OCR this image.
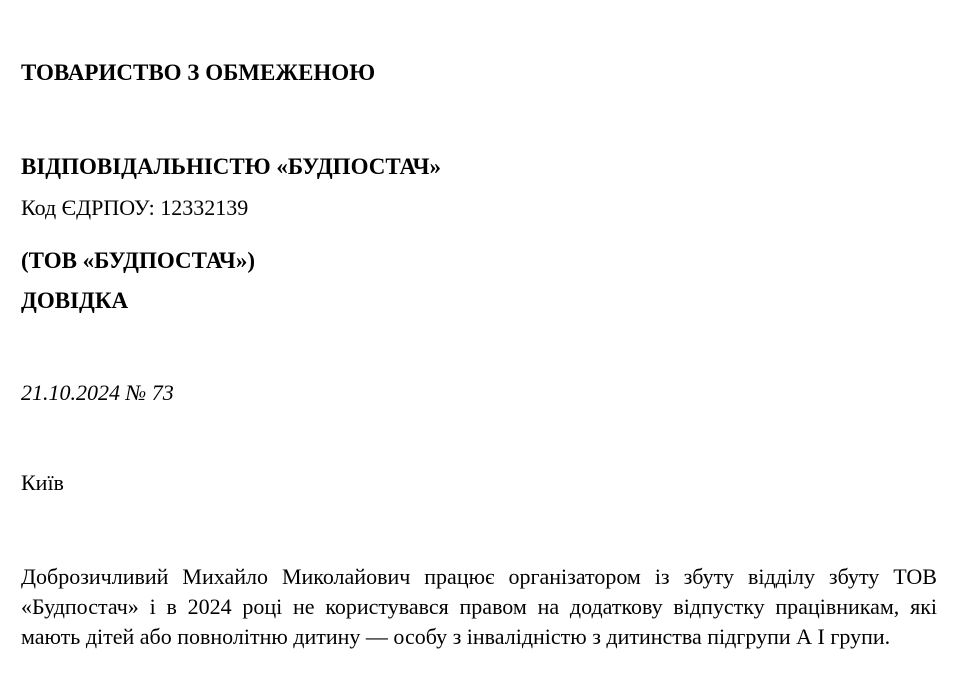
ТОВАРИСТВО З ОБМЕЖЕНОЮ

ВІДПОВІДАЛЬНІСТЮ «БУДПОСТАЧ»

(ТОВ «БУДПОСТАЧ»)

Код ЄДРПОУ: 12332139
ДОВІДКА
21.10.2024 № 73
Київ
Доброзичливий Михайло Миколайович працює організатором із збуту відділу збуту ТОВ «Будпостач» і в 2024 році не користувався правом на додаткову відпустку працівникам, які мають дітей або повнолітню дитину — особу з інвалідністю з дитинства підгрупи А І групи.
